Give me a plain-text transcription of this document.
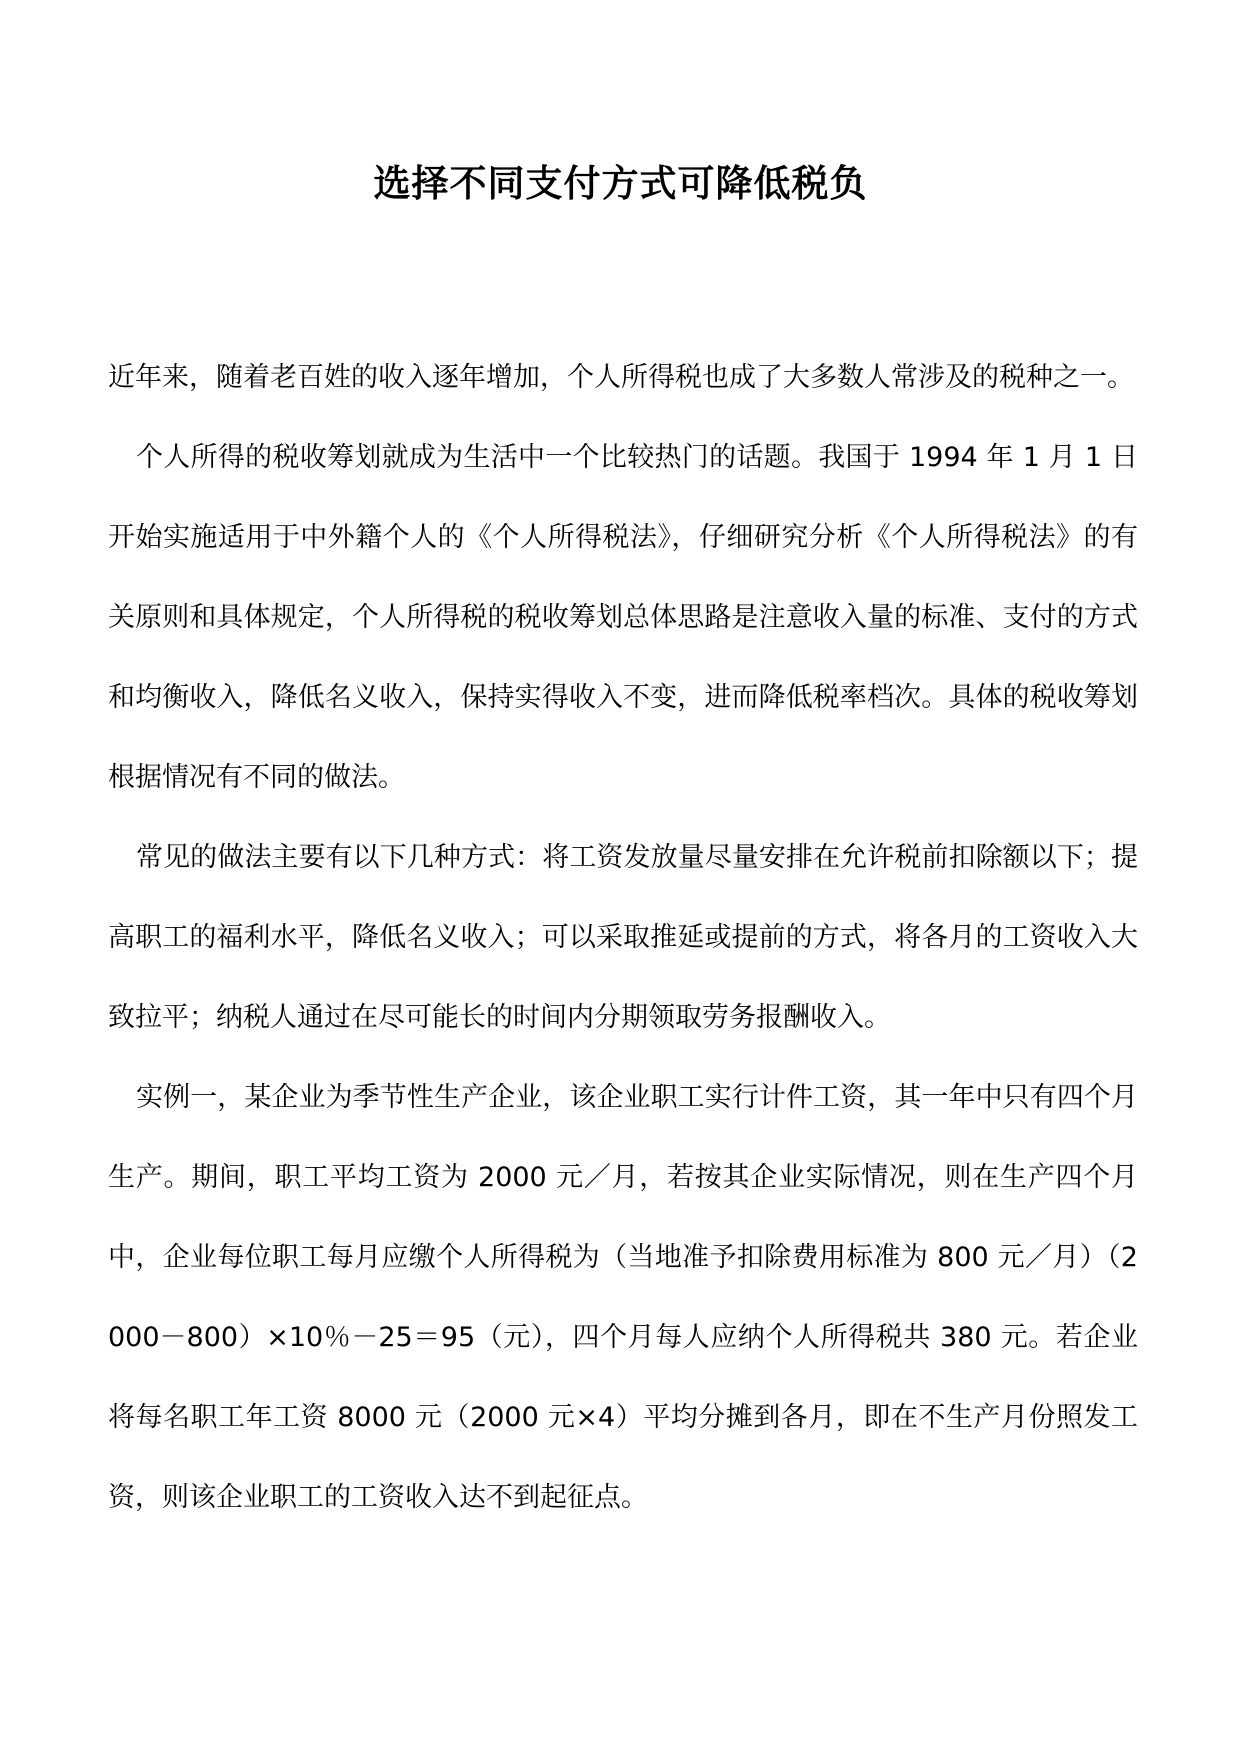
选择不同支付方式可降低税负

近年来，随着老百姓的收入逐年增加，个人所得税也成了大多数人常涉及的税种之一。

个人所得的税收筹划就成为生活中一个比较热门的话题。我国于 1994 年 1 月 1 日开始实施适用于中外籍个人的《个人所得税法》，仔细研究分析《个人所得税法》的有关原则和具体规定，个人所得税的税收筹划总体思路是注意收入量的标准、支付的方式和均衡收入，降低名义收入，保持实得收入不变，进而降低税率档次。具体的税收筹划根据情况有不同的做法。

常见的做法主要有以下几种方式：将工资发放量尽量安排在允许税前扣除额以下；提高职工的福利水平，降低名义收入；可以采取推延或提前的方式，将各月的工资收入大致拉平；纳税人通过在尽可能长的时间内分期领取劳务报酬收入。

实例一，某企业为季节性生产企业，该企业职工实行计件工资，其一年中只有四个月生产。期间，职工平均工资为 2000 元／月，若按其企业实际情况，则在生产四个月中，企业每位职工每月应缴个人所得税为（当地准予扣除费用标准为 800 元／月）（2000－800）×10％－25＝95（元），四个月每人应纳个人所得税共 380 元。若企业将每名职工年工资 8000 元（2000 元×4）平均分摊到各月，即在不生产月份照发工资，则该企业职工的工资收入达不到起征点。
